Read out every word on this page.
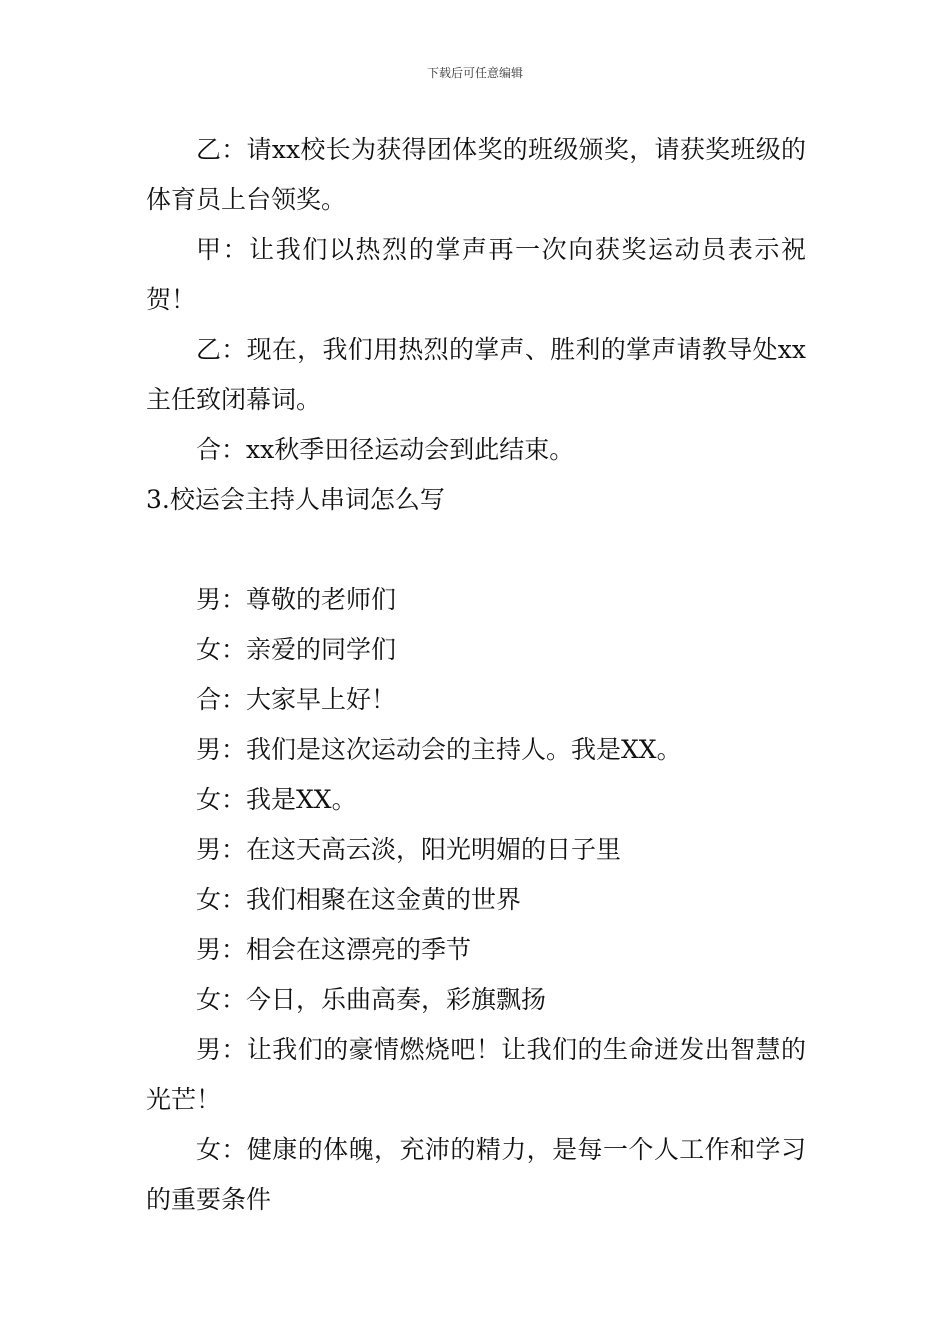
下载后可任意编辑

乙：请xx校长为获得团体奖的班级颁奖，请获奖班级的体育员上台领奖。

甲：让我们以热烈的掌声再一次向获奖运动员表示祝贺！

乙：现在，我们用热烈的掌声、胜利的掌声请教导处xx主任致闭幕词。

合：xx秋季田径运动会到此结束。

3.校运会主持人串词怎么写

男：尊敬的老师们

女：亲爱的同学们

合：大家早上好！

男：我们是这次运动会的主持人。我是XX。

女：我是XX。

男：在这天高云淡，阳光明媚的日子里

女：我们相聚在这金黄的世界

男：相会在这漂亮的季节

女：今日，乐曲高奏，彩旗飘扬

男：让我们的豪情燃烧吧！让我们的生命迸发出智慧的光芒！

女：健康的体魄，充沛的精力，是每一个人工作和学习的重要条件
